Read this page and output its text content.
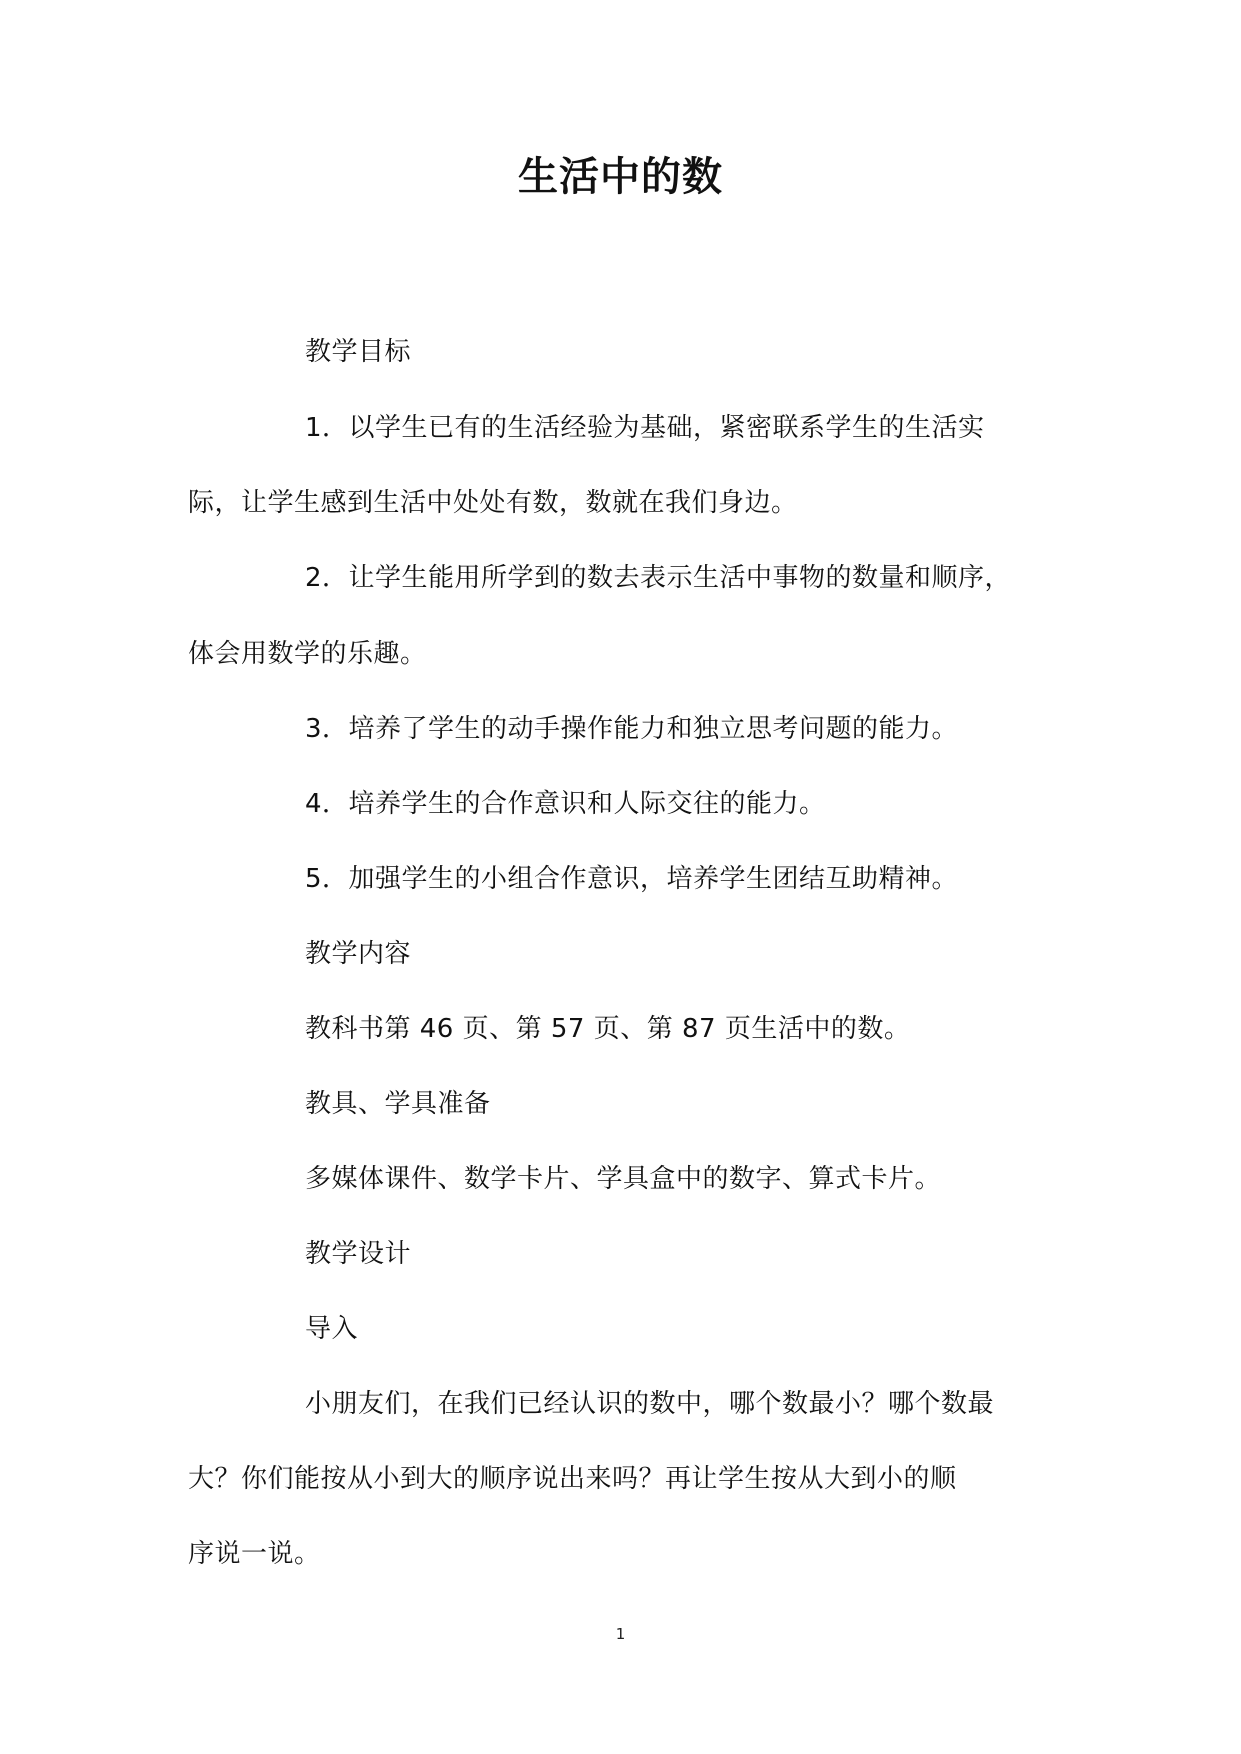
生活中的数
教学目标
1．以学生已有的生活经验为基础，紧密联系学生的生活实
际，让学生感到生活中处处有数，数就在我们身边。
2．让学生能用所学到的数去表示生活中事物的数量和顺序，
体会用数学的乐趣。
3．培养了学生的动手操作能力和独立思考问题的能力。
4．培养学生的合作意识和人际交往的能力。
5．加强学生的小组合作意识，培养学生团结互助精神。
教学内容
教科书第 46 页、第 57 页、第 87 页生活中的数。
教具、学具准备
多媒体课件、数学卡片、学具盒中的数字、算式卡片。
教学设计
导入
小朋友们，在我们已经认识的数中，哪个数最小？哪个数最
大？你们能按从小到大的顺序说出来吗？再让学生按从大到小的顺
序说一说。
1
